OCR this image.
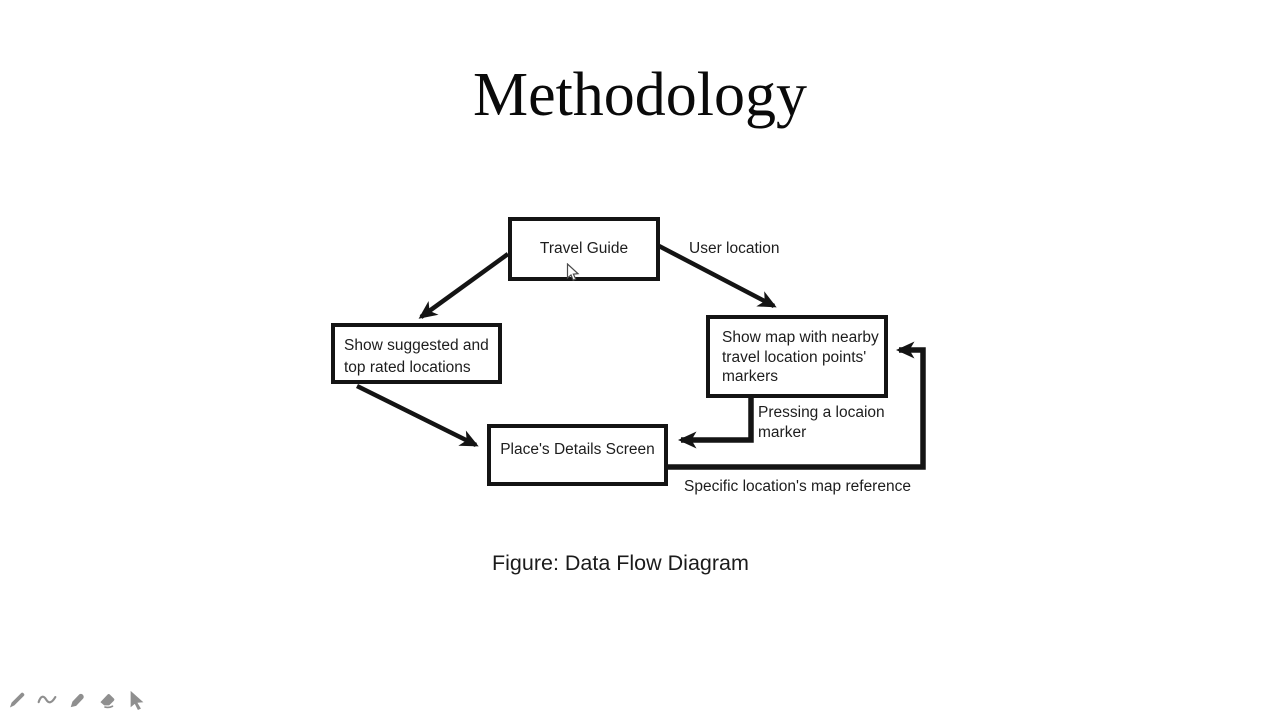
Methodology
Travel Guide
Show suggested and
top rated locations
Show map with nearby
travel location points'
markers
Place's Details Screen
User location
Pressing a locaion
marker
Specific location's map reference
Figure: Data Flow Diagram
